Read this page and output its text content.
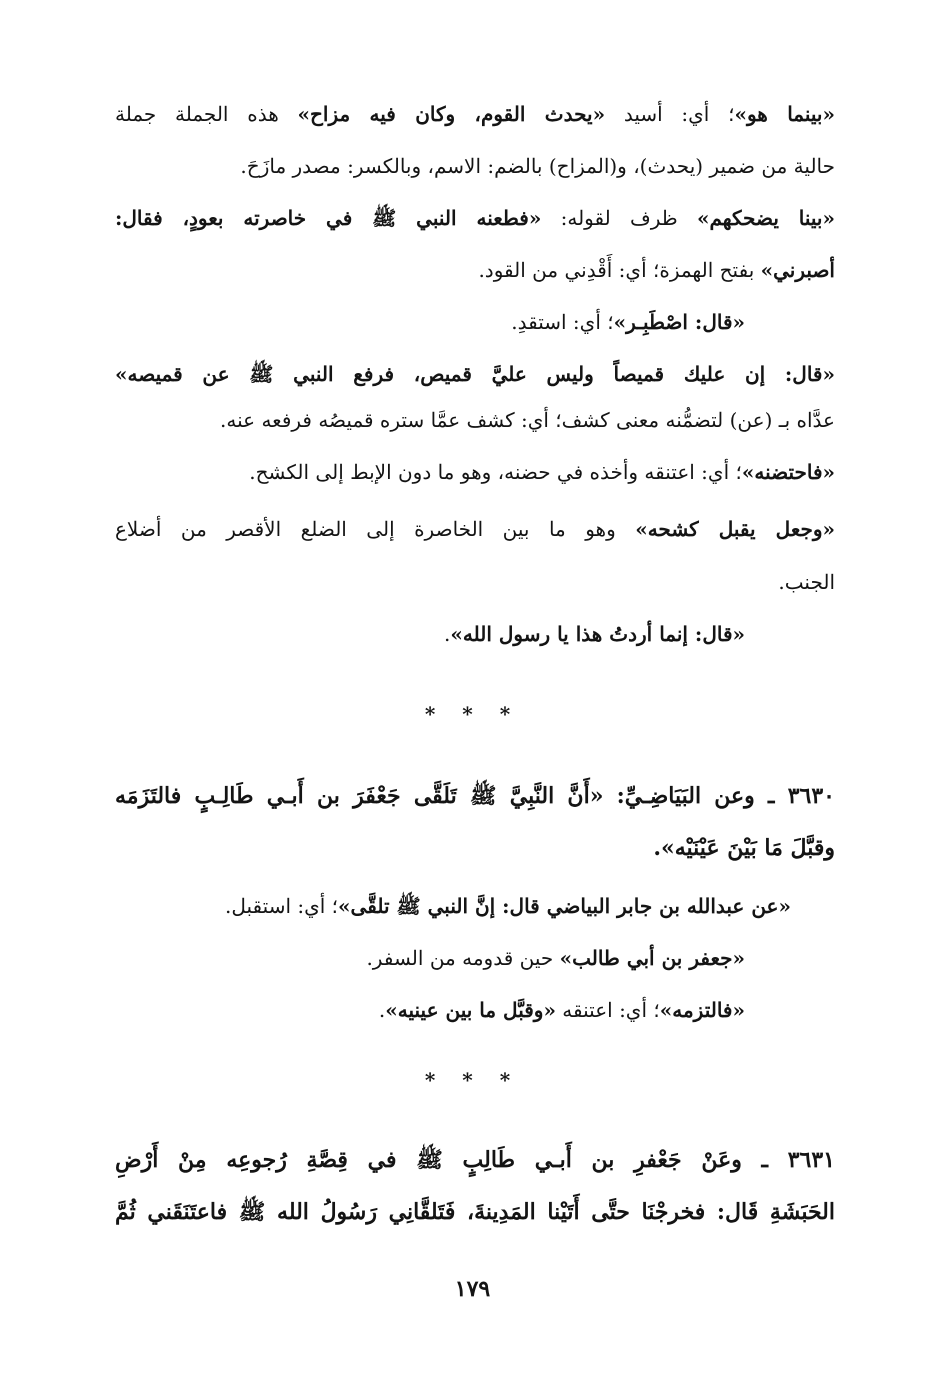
«بينما هو»؛ أي: أسيد «يحدث القوم، وكان فيه مزاح» هذه الجملة جملة
حالية من ضمير (يحدث)، و(المزاح) بالضم: الاسم، وبالكسر: مصدر مازَحَ.
«بينا يضحكهم» ظرف لقوله: «فطعنه النبي ﷺ في خاصرته بعودٍ، فقال:
أصبرني» بفتح الهمزة؛ أي: أَقْدِني من القود.
«قال: اصْطَبِـر»؛ أي: استقدِ.
«قال: إن عليك قميصاً وليس عليَّ قميص، فرفع النبي ﷺ عن قميصه»
عدَّاه بـ (عن) لتضمُّنه معنى كشف؛ أي: كشف عمَّا ستره قميصُه فرفعه عنه.
«فاحتضنه»؛ أي: اعتنقه وأخذه في حضنه، وهو ما دون الإبط إلى الكشح.
«وجعل يقبل كشحه» وهو ما بين الخاصرة إلى الضلع الأقصر من أضلاع
الجنب.
«قال: إنما أردتُ هذا يا رسول الله».
* * *
٣٦٣٠ ـ وعن البَيَاضِـيِّ: «أَنَّ النَّبِيَّ ﷺ تَلَقَّى جَعْفَرَ بن أَبـي طَالِـبٍ فالتَزَمَه
وقبَّلَ مَا بَيْنَ عَيْنَيْه».
«عن عبدالله بن جابر البياضي قال: إنَّ النبي ﷺ تلقَّى»؛ أي: استقبل.
«جعفر بن أبي طالب» حين قدومه من السفر.
«فالتزمه»؛ أي: اعتنقه «وقبَّل ما بين عينيه».
* * *
٣٦٣١ ـ وعَنْ جَعْفرِ بن أَبـي طَالِبٍ ﷺ في قِصَّةِ رُجوعِه مِنْ أَرْضِ
الحَبَشَةِ قَال: فخرجْنَا حتَّى أَتَيْنا المَدِينةَ، فَتَلقَّانِي رَسُولُ الله ﷺ فاعتَنَقَني ثُمَّ
١٧٩
